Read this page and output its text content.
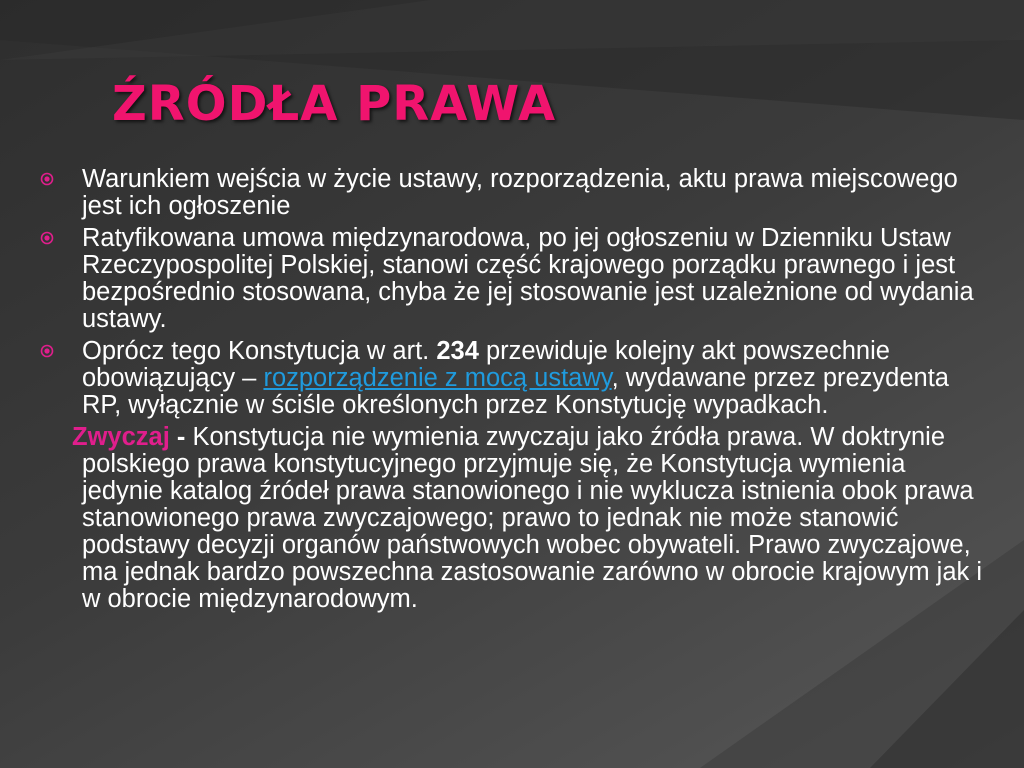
ŹRÓDŁA PRAWA
Warunkiem wejścia w życie ustawy, rozporządzenia, aktu prawa miejscowego jest ich ogłoszenie
Ratyfikowana umowa międzynarodowa, po jej ogłoszeniu w Dzienniku Ustaw Rzeczypospolitej Polskiej, stanowi część krajowego porządku prawnego i jest bezpośrednio stosowana, chyba że jej stosowanie jest uzależnione od wydania ustawy.
Oprócz tego Konstytucja w art. 234 przewiduje kolejny akt powszechnie obowiązujący – rozporządzenie z mocą ustawy, wydawane przez prezydenta RP, wyłącznie w ściśle określonych przez Konstytucję wypadkach.
Zwyczaj - Konstytucja nie wymienia zwyczaju jako źródła prawa. W doktrynie polskiego prawa konstytucyjnego przyjmuje się, że Konstytucja wymienia jedynie katalog źródeł prawa stanowionego i nie wyklucza istnienia obok prawa stanowionego prawa zwyczajowego; prawo to jednak nie może stanowić podstawy decyzji organów państwowych wobec obywateli. Prawo zwyczajowe, ma jednak bardzo powszechna zastosowanie zarówno w obrocie krajowym jak i w obrocie międzynarodowym.
